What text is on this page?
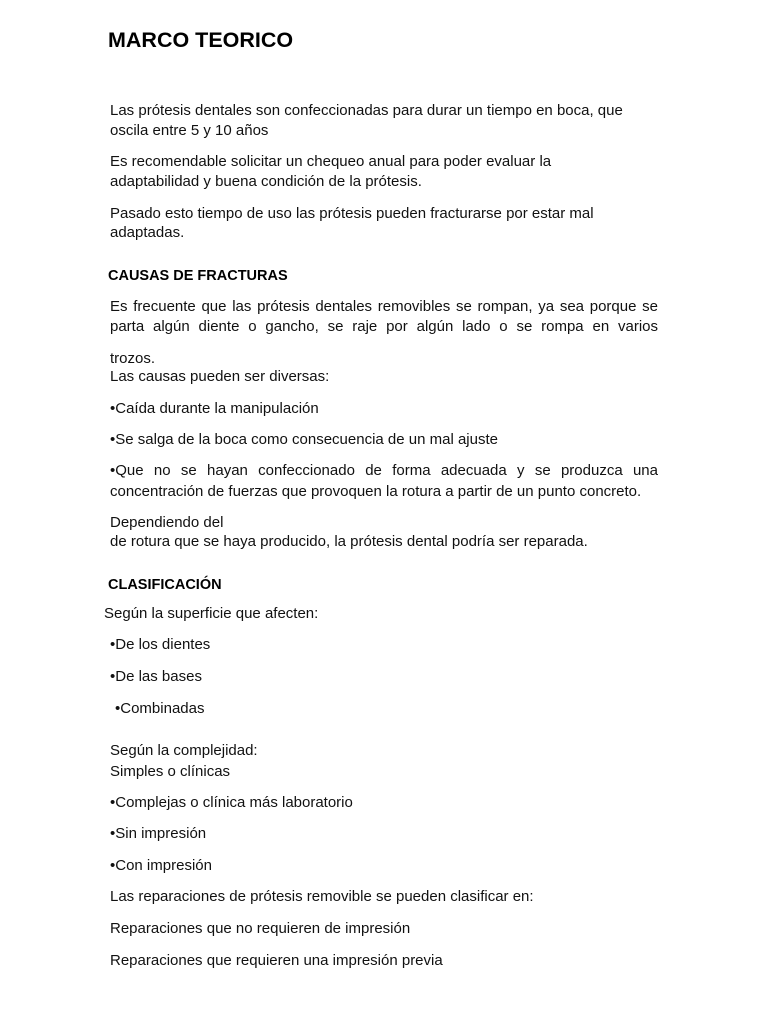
MARCO TEORICO

Las prótesis dentales son confeccionadas para durar un tiempo en boca, que

oscila entre 5 y 10 años

Es recomendable solicitar un chequeo anual para poder evaluar la

adaptabilidad y buena condición de la prótesis.

Pasado esto tiempo de uso las prótesis pueden fracturarse por estar mal

adaptadas.

CAUSAS DE FRACTURAS

Es frecuente que las prótesis dentales removibles se rompan, ya sea porque se

parta algún diente o gancho, se raje por algún lado o se rompa en varios

trozos.

Las causas pueden ser diversas:

•Caída durante la manipulación

•Se salga de la boca como consecuencia de un mal ajuste

•Que no se hayan confeccionado de forma adecuada y se produzca una

concentración de fuerzas que provoquen la rotura a partir de un punto concreto.

Dependiendo del

de rotura que se haya producido, la prótesis dental podría ser reparada.

CLASIFICACIÓN

Según la superficie que afecten:

•De los dientes

•De las bases

•Combinadas

Según la complejidad:

Simples o clínicas

•Complejas o clínica más laboratorio

•Sin impresión

•Con impresión

Las reparaciones de prótesis removible se pueden clasificar en:

Reparaciones que no requieren de impresión

Reparaciones que requieren una impresión previa
